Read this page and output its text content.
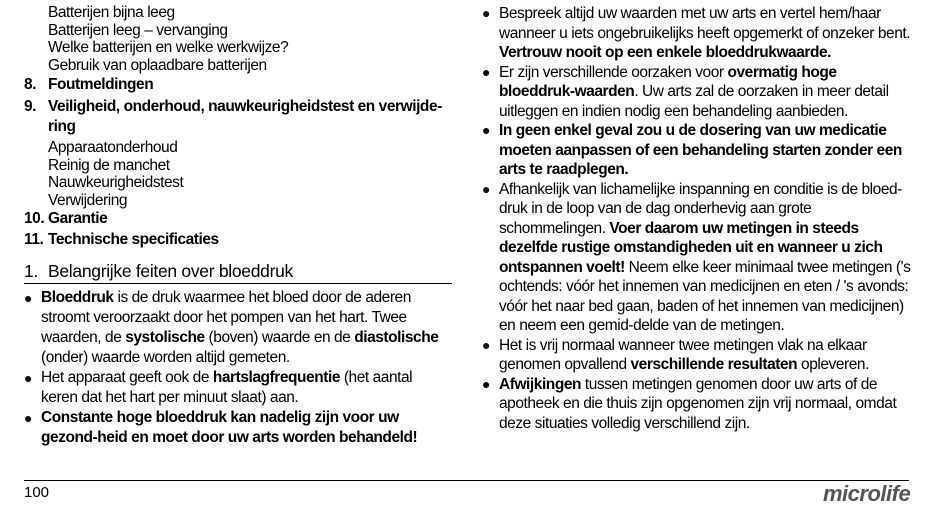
Batterijen bijna leeg
Batterijen leeg – vervanging
Welke batterijen en welke werkwijze?
Gebruik van oplaadbare batterijen
8. Foutmeldingen
9. Veiligheid, onderhoud, nauwkeurigheidstest en verwijde-ring
Apparaatonderhoud
Reinig de manchet
Nauwkeurigheidstest
Verwijdering
10. Garantie
11. Technische specificaties
1. Belangrijke feiten over bloeddruk
● Bloeddruk is de druk waarmee het bloed door de aderen stroomt veroorzaakt door het pompen van het hart. Twee waarden, de systolische (boven) waarde en de diastolische (onder) waarde worden altijd gemeten.
● Het apparaat geeft ook de hartslagfrequentie (het aantal keren dat het hart per minuut slaat) aan.
● Constante hoge bloeddruk kan nadelig zijn voor uw gezond-heid en moet door uw arts worden behandeld!
● Bespreek altijd uw waarden met uw arts en vertel hem/haar wanneer u iets ongebruikelijks heeft opgemerkt of onzeker bent. Vertrouw nooit op een enkele bloeddrukwaarde.
● Er zijn verschillende oorzaken voor overmatig hoge bloeddruk-waarden. Uw arts zal de oorzaken in meer detail uitleggen en indien nodig een behandeling aanbieden.
● In geen enkel geval zou u de dosering van uw medicatie moeten aanpassen of een behandeling starten zonder een arts te raadplegen.
● Afhankelijk van lichamelijke inspanning en conditie is de bloed-druk in de loop van de dag onderhevig aan grote schommelingen. Voer daarom uw metingen in steeds dezelfde rustige omstandigheden uit en wanneer u zich ontspannen voelt! Neem elke keer minimaal twee metingen ('s ochtends: vóór het innemen van medicijnen en eten / 's avonds: vóór het naar bed gaan, baden of het innemen van medicijnen) en neem een gemid-delde van de metingen.
● Het is vrij normaal wanneer twee metingen vlak na elkaar genomen opvallend verschillende resultaten opleveren.
● Afwijkingen tussen metingen genomen door uw arts of de apotheek en die thuis zijn opgenomen zijn vrij normaal, omdat deze situaties volledig verschillend zijn.
100	microlife
